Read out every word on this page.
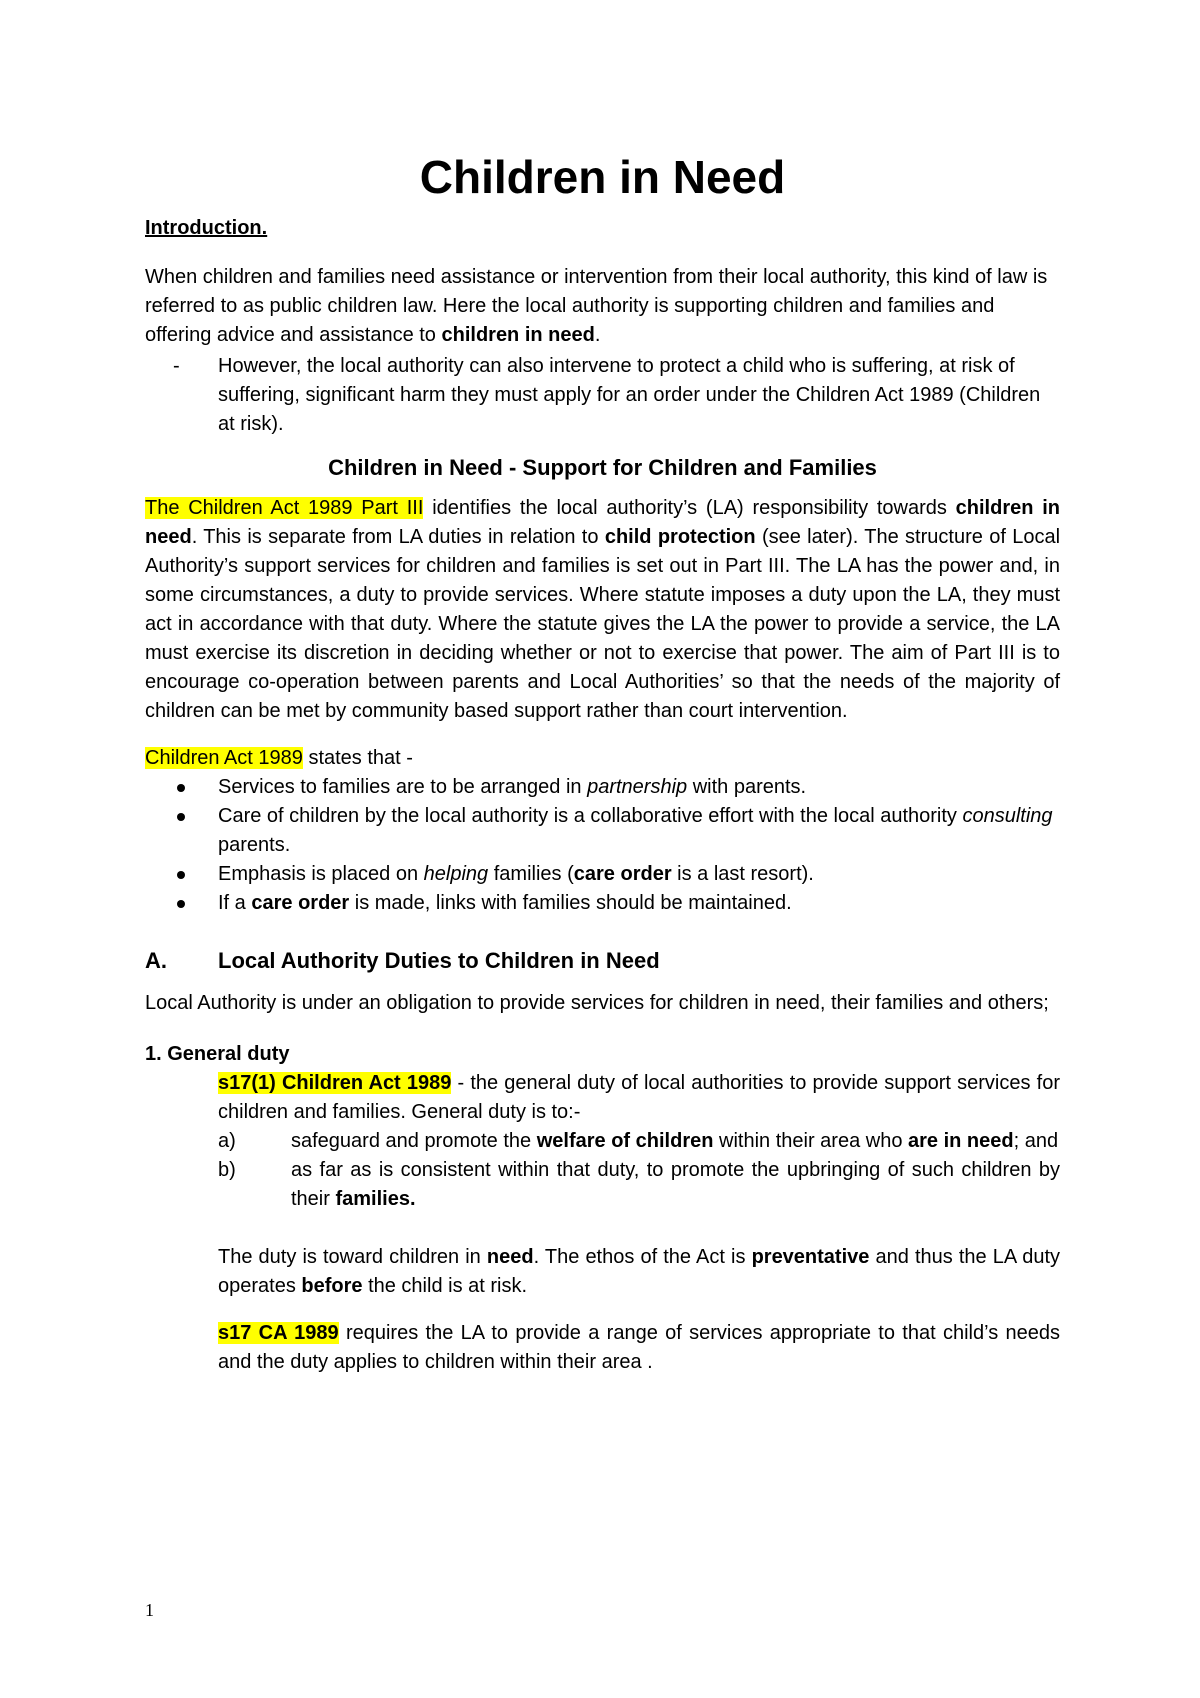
Children in Need

Introduction.

When children and families need assistance or intervention from their local authority, this kind of law is referred to as public children law. Here the local authority is supporting children and families and offering advice and assistance to children in need.

- However, the local authority can also intervene to protect a child who is suffering, at risk of suffering, significant harm they must apply for an order under the Children Act 1989 (Children at risk).
Children in Need - Support for Children and Families

The Children Act 1989 Part III identifies the local authority’s (LA) responsibility towards children in need. This is separate from LA duties in relation to child protection (see later). The structure of Local Authority’s support services for children and families is set out in Part III. The LA has the power and, in some circumstances, a duty to provide services. Where statute imposes a duty upon the LA, they must act in accordance with that duty. Where the statute gives the LA the power to provide a service, the LA must exercise its discretion in deciding whether or not to exercise that power. The aim of Part III is to encourage co-operation between parents and Local Authorities’ so that the needs of the majority of children can be met by community based support rather than court intervention.

Children Act 1989 states that -

Services to families are to be arranged in partnership with parents.
Care of children by the local authority is a collaborative effort with the local authority consulting parents.
Emphasis is placed on helping families (care order is a last resort).
If a care order is made, links with families should be maintained.
A. Local Authority Duties to Children in Need

Local Authority is under an obligation to provide services for children in need, their families and others;

1. General duty

s17(1) Children Act 1989 - the general duty of local authorities to provide support services for children and families. General duty is to:-

a)	safeguard and promote the welfare of children within their area who are in need; and
b)	as far as is consistent within that duty, to promote the upbringing of such children by their families.

The duty is toward children in need. The ethos of the Act is preventative and thus the LA duty operates before the child is at risk.

s17 CA 1989 requires the LA to provide a range of services appropriate to that child’s needs and the duty applies to children within their area .

1
